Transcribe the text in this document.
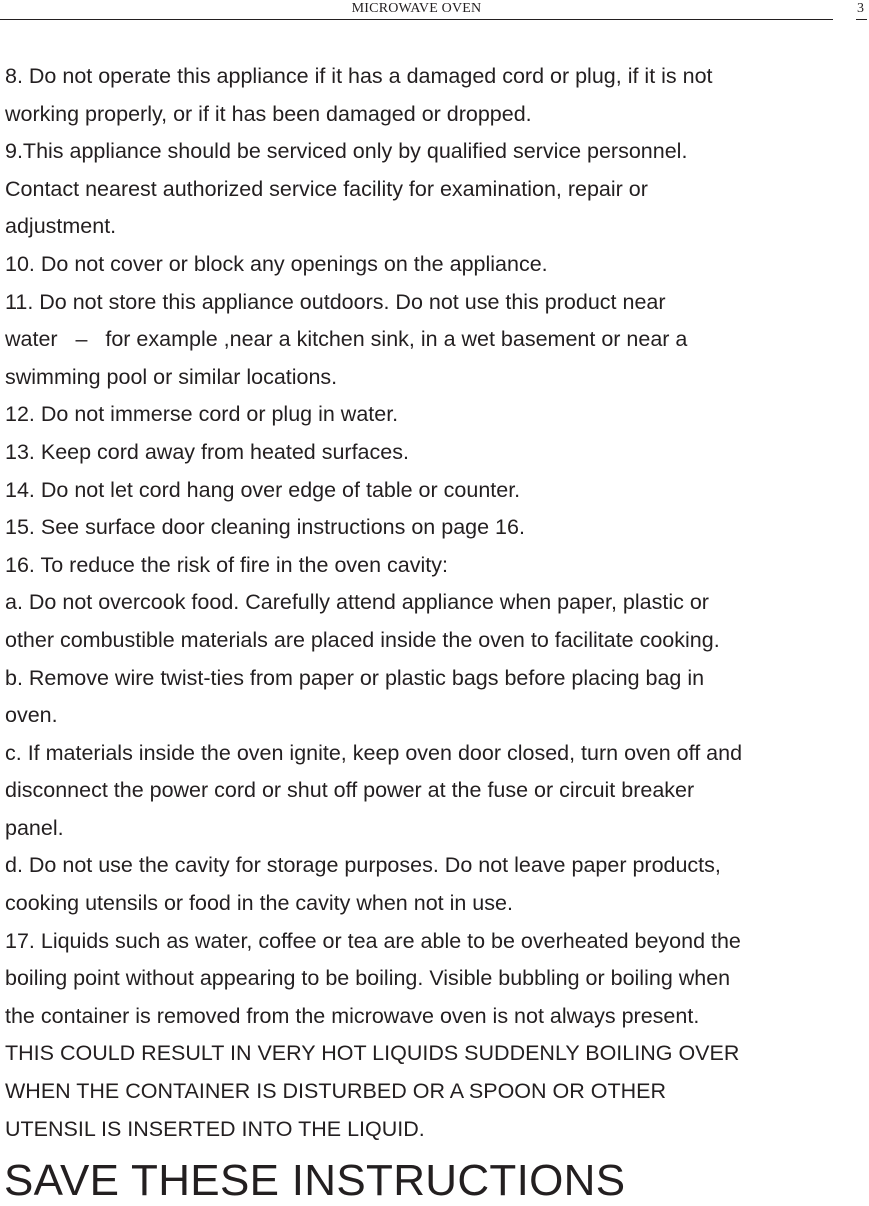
MICROWAVE OVEN	3
8. Do not operate this appliance if it has a damaged cord or plug, if it is not
working properly, or if it has been damaged or dropped.
9.This appliance should be serviced only by qualified service personnel.
Contact nearest authorized service facility for examination, repair or
adjustment.
10. Do not cover or block any openings on the appliance.
11. Do not store this appliance outdoors. Do not use this product near
water   –   for example ,near a kitchen sink, in a wet basement or near a
swimming pool or similar locations.
12. Do not immerse cord or plug in water.
13. Keep cord away from heated surfaces.
14. Do not let cord hang over edge of table or counter.
15. See surface door cleaning instructions on page 16.
16. To reduce the risk of fire in the oven cavity:
a. Do not overcook food. Carefully attend appliance when paper, plastic or
other combustible materials are placed inside the oven to facilitate cooking.
b. Remove wire twist-ties from paper or plastic bags before placing bag in
oven.
c. If materials inside the oven ignite, keep oven door closed, turn oven off and
disconnect the power cord or shut off power at the fuse or circuit breaker
panel.
d. Do not use the cavity for storage purposes. Do not leave paper products,
cooking utensils or food in the cavity when not in use.
17. Liquids such as water, coffee or tea are able to be overheated beyond the
boiling point without appearing to be boiling. Visible bubbling or boiling when
the container is removed from the microwave oven is not always present.
THIS COULD RESULT IN VERY HOT LIQUIDS SUDDENLY BOILING OVER
WHEN THE CONTAINER IS DISTURBED OR A SPOON OR OTHER
UTENSIL IS INSERTED INTO THE LIQUID.
SAVE THESE INSTRUCTIONS
